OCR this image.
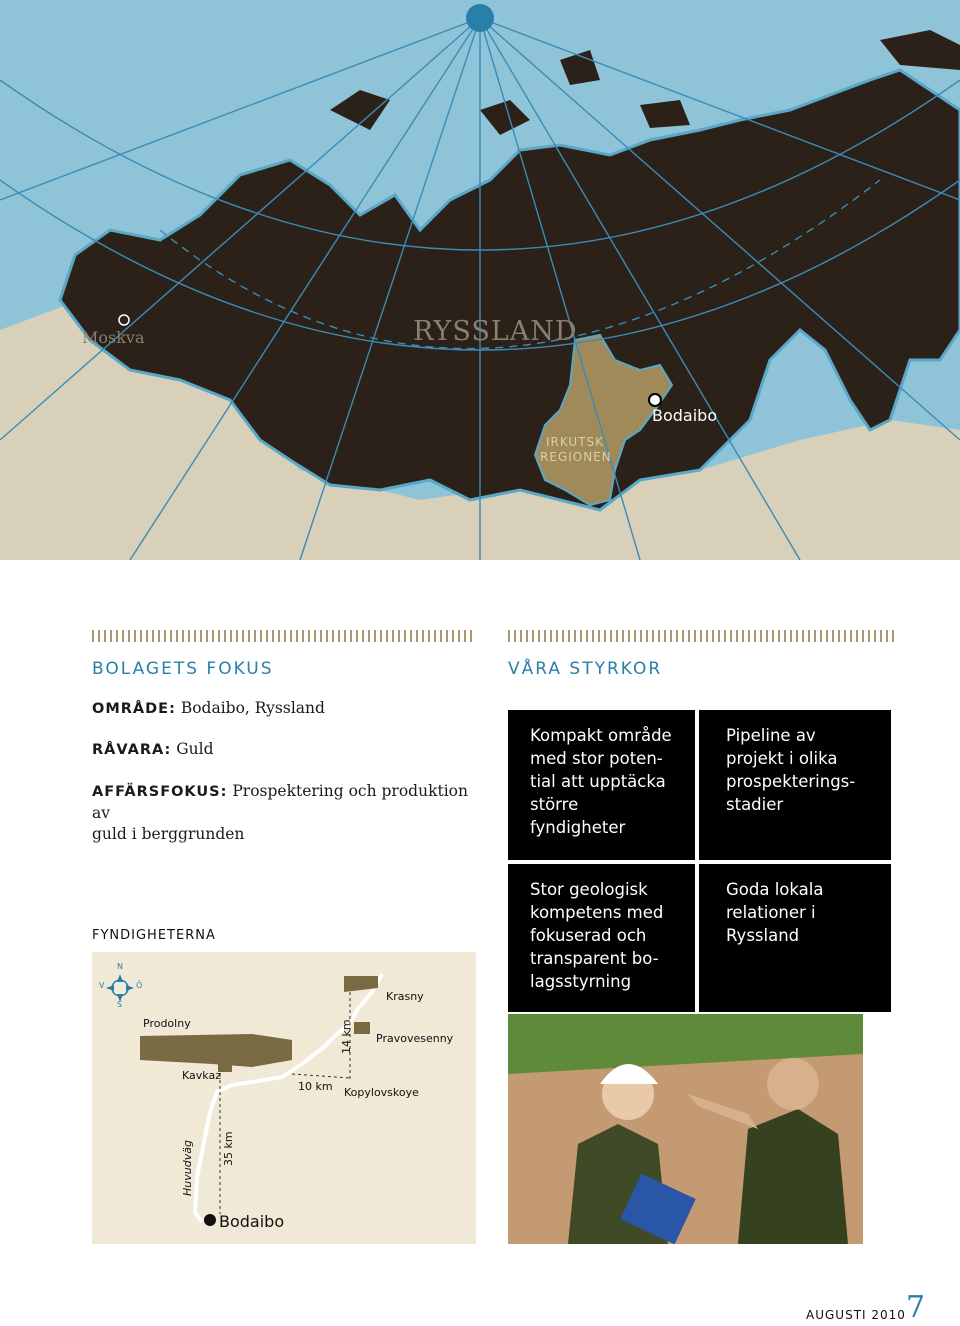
Moskva	RYSSLAND
IRKUTSK
REGIONEN
Bodaibo
BOLAGETS FOKUS
OMRÅDE: Bodaibo, Ryssland
RÅVARA: Guld
AFFÄRSFOKUS: Prospektering och produktion av
guld i berggrunden
VÅRA STYRKOR
Kompakt område
med stor poten-
tial att upptäcka
större fyndigheter
Pipeline av
projekt i olika
prospekterings-
stadier
Stor geologisk
kompetens med
fokuserad och
transparent bo-
lagsstyrning
Goda lokala
relationer i
Ryssland
FYNDIGHETERNA
N
S
V	Ö
Krasny
Prodolny
Pravovesenny
Kavkaz
Kopylovskoye
14 km
10 km
35 km
Huvudväg
Bodaibo
AUGUSTI 2010 7
